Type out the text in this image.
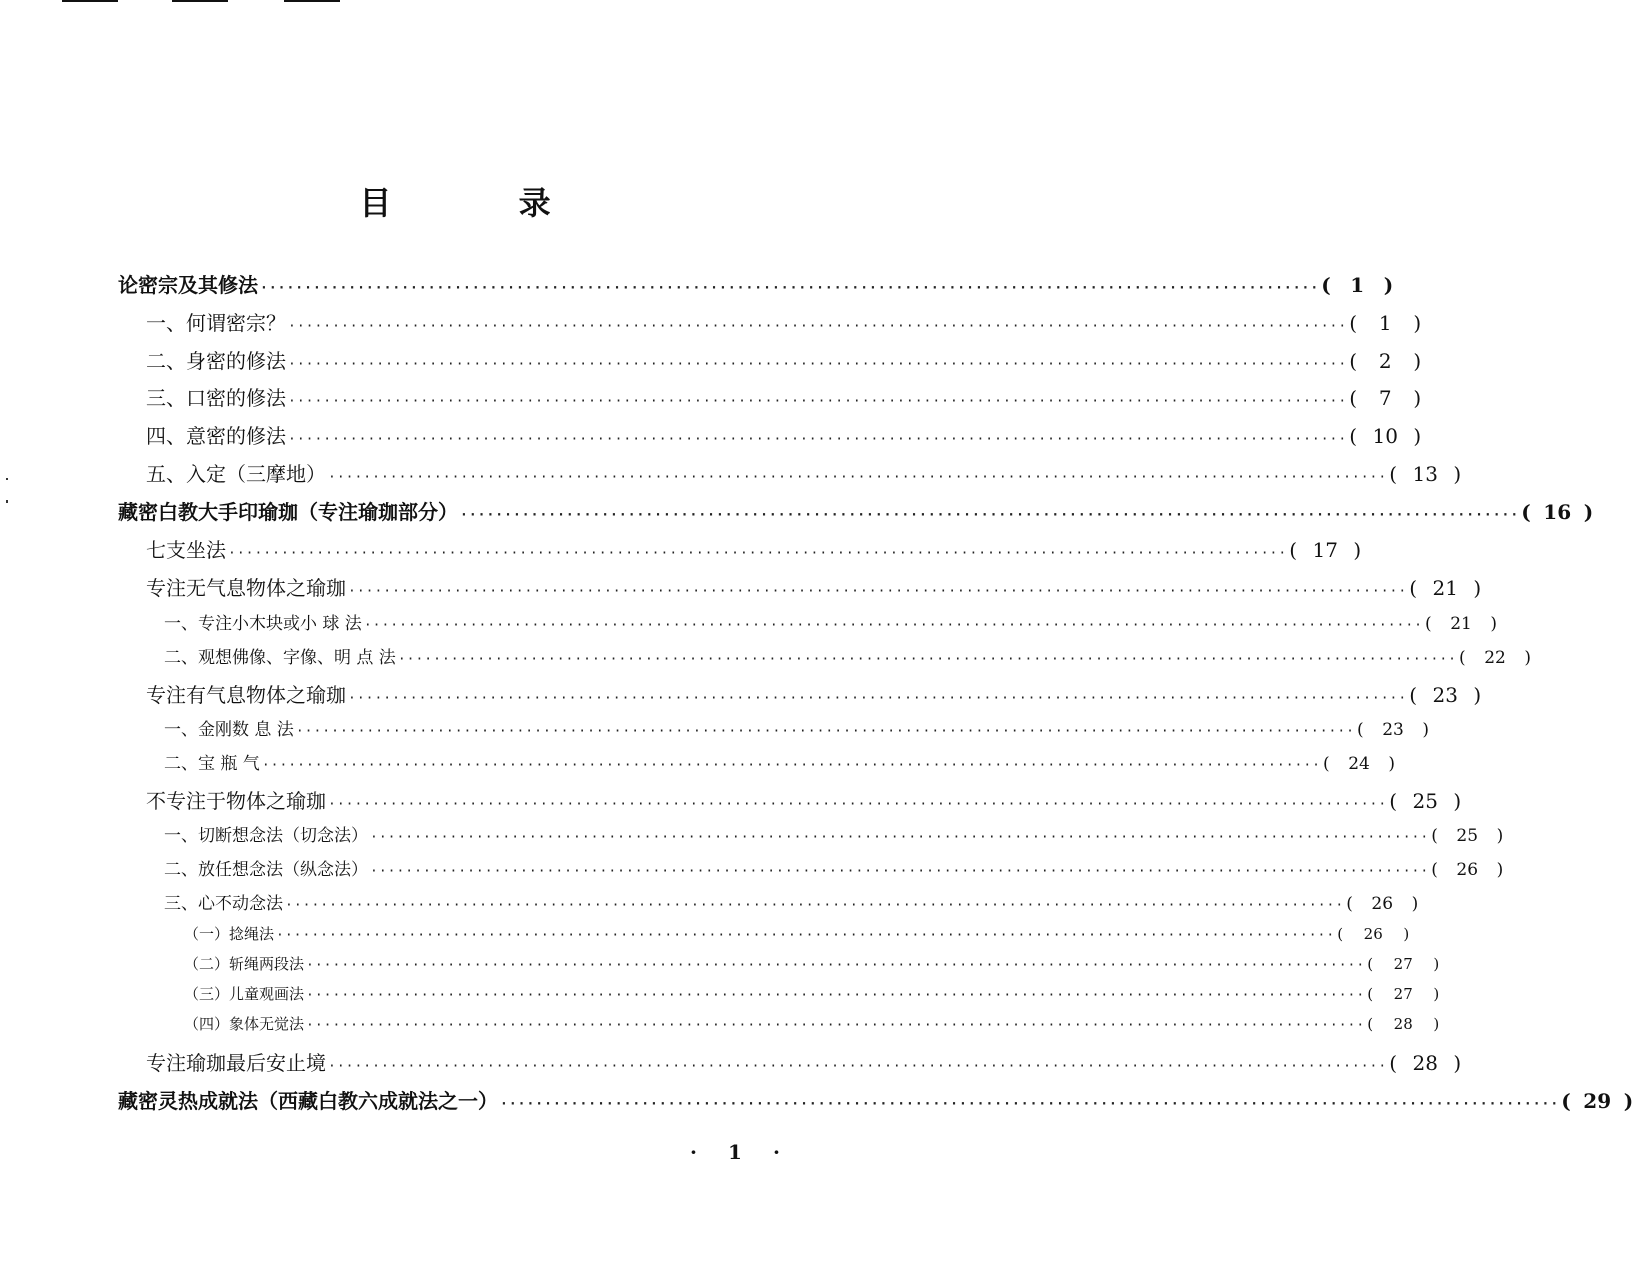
目 录
论密宗及其修法 ························································································································ ( 1 )
一、何谓密宗？ ························································································································ (	1	)
二、身密的修法 ························································································································ (	2	)
三、口密的修法 ························································································································ (	7	)
四、意密的修法 ························································································································ ( 10 )
五、入定（三摩地） ························································································································ ( 13 )
藏密白教大手印瑜珈（专注瑜珈部分） ························································································································ ( 16 )
七支坐法 ························································································································ ( 17 )
专注无气息物体之瑜珈 ························································································································ ( 21 )
一、专注小木块或小 球 法 ························································································································ (	21	)
二、观想佛像、字像、明 点 法 ························································································································ (	22	)
专注有气息物体之瑜珈 ························································································································ ( 23 )
一、金刚数 息 法 ························································································································ (	23	)
二、宝 瓶 气 ························································································································ (	24	)
不专注于物体之瑜珈 ························································································································ ( 25 )
一、切断想念法（切念法） ························································································································ (	25	)
二、放任想念法（纵念法） ························································································································ (	26	)
三、心不动念法 ························································································································ (	26	)
（一）捻绳法 ························································································································ (	26	)
（二）斩绳两段法 ························································································································ (	27	)
（三）儿童观画法 ························································································································ (	27	)
（四）象体无觉法 ························································································································ (	28	)
专注瑜珈最后安止境 ························································································································ ( 28 )
藏密灵热成就法（西藏白教六成就法之一） ························································································································ ( 29 )
· 1 ·
